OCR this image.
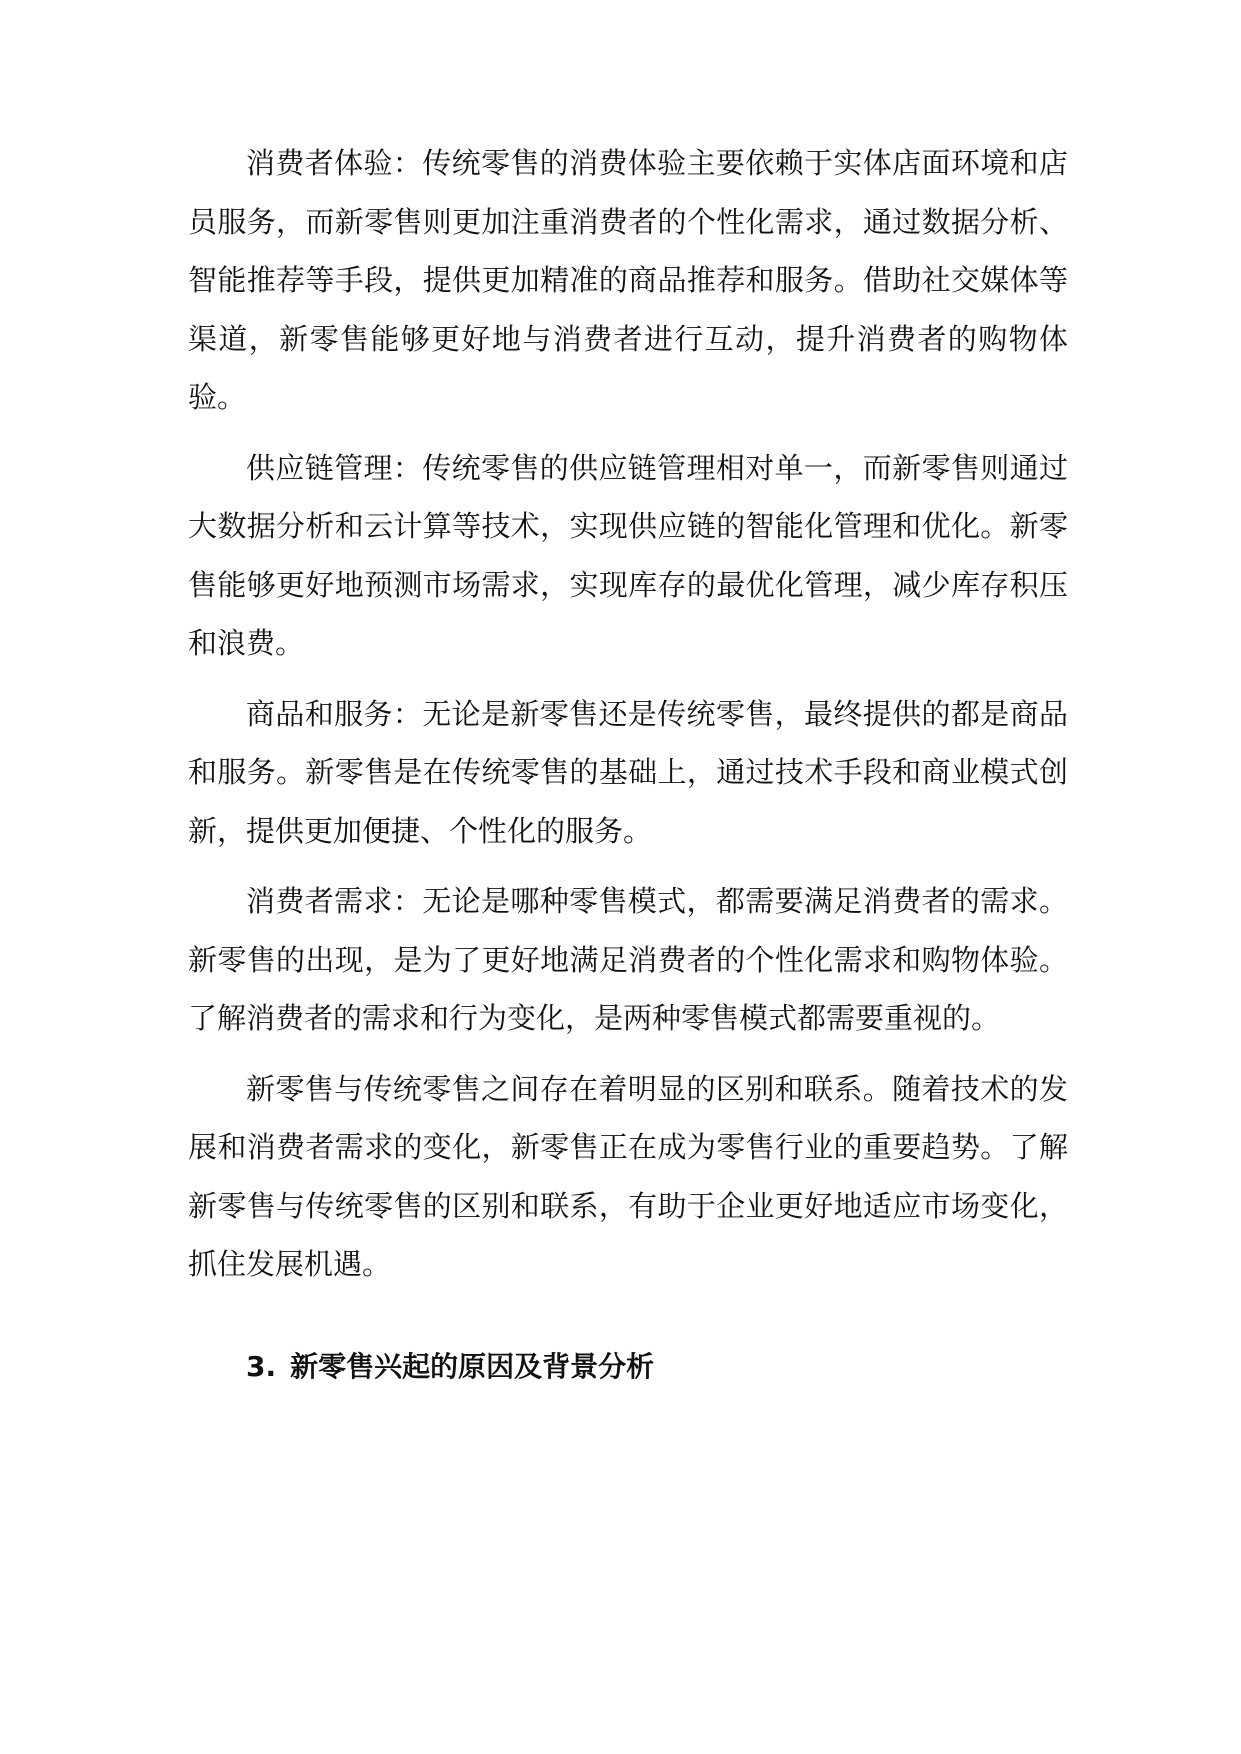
消费者体验：传统零售的消费体验主要依赖于实体店面环境和店员服务，而新零售则更加注重消费者的个性化需求，通过数据分析、智能推荐等手段，提供更加精准的商品推荐和服务。借助社交媒体等渠道，新零售能够更好地与消费者进行互动，提升消费者的购物体验。

供应链管理：传统零售的供应链管理相对单一，而新零售则通过大数据分析和云计算等技术，实现供应链的智能化管理和优化。新零售能够更好地预测市场需求，实现库存的最优化管理，减少库存积压和浪费。

商品和服务：无论是新零售还是传统零售，最终提供的都是商品和服务。新零售是在传统零售的基础上，通过技术手段和商业模式创新，提供更加便捷、个性化的服务。

消费者需求：无论是哪种零售模式，都需要满足消费者的需求。新零售的出现，是为了更好地满足消费者的个性化需求和购物体验。了解消费者的需求和行为变化，是两种零售模式都需要重视的。

新零售与传统零售之间存在着明显的区别和联系。随着技术的发展和消费者需求的变化，新零售正在成为零售行业的重要趋势。了解新零售与传统零售的区别和联系，有助于企业更好地适应市场变化，抓住发展机遇。

3. 新零售兴起的原因及背景分析
